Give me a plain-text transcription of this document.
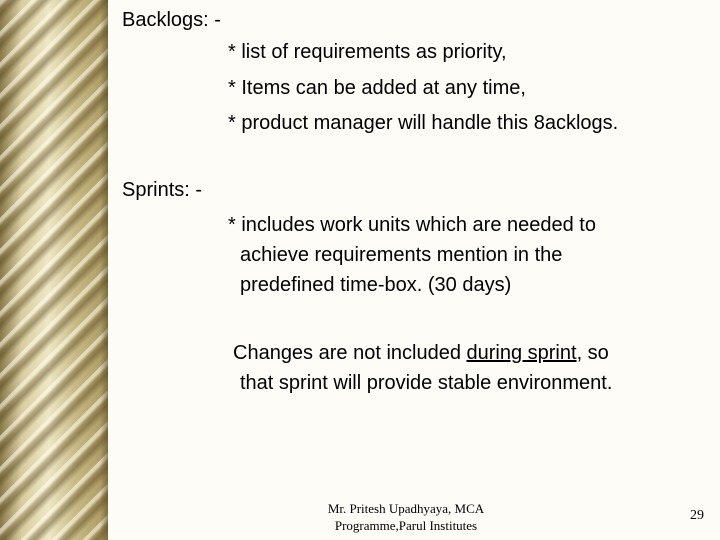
Backlogs: -
* list of requirements as priority,
* Items can be added at any time,
* product manager will handle this 8acklogs.
Sprints: -
* includes work units which are needed to
achieve requirements mention in the
predefined time-box. (30 days)
Changes are not included during sprint, so
that sprint will provide stable environment.
Mr. Pritesh Upadhyaya, MCA
Programme,Parul Institutes
29
